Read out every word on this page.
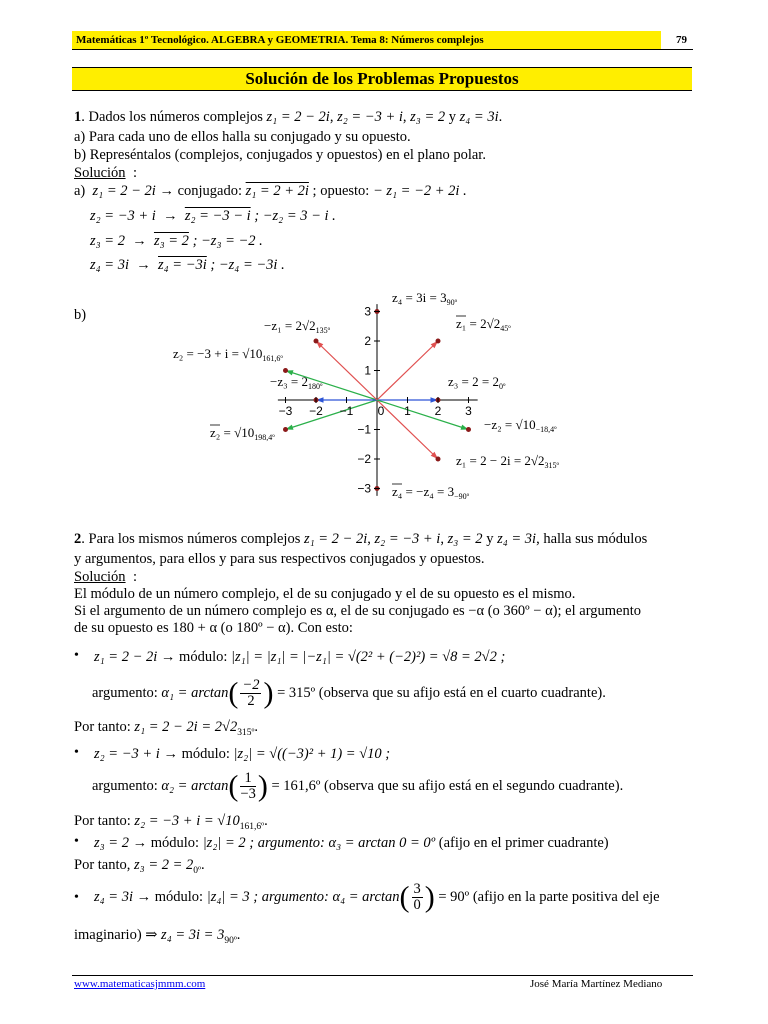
Matemáticas 1º Tecnológico. ALGEBRA y GEOMETRIA. Tema 8: Números complejos	79
Solución de los Problemas Propuestos
1. Dados los números complejos z₁ = 2 − 2i, z₂ = −3 + i, z₃ = 2 y z₄ = 3i.
a) Para cada uno de ellos halla su conjugado y su opuesto.
b) Represéntalos (complejos, conjugados y opuestos) en el plano polar.
Solución :
a) z₁ = 2 − 2i → conjugado: z₁ = 2 + 2i ; opuesto: − z₁ = −2 + 2i .
z₂ = −3 + i  →  z₂ = −3 − i ; −z₂ = 3 − i .
z₃ = 2  →  z₃ = 2 ; −z₃ = −2 .
z₄ = 3i  →  z₄ = −3i ; −z₄ = −3i .
b)
−3 −2 −1 0 1 2 3
3
2
1
−1
−2
−3
$z_4 = 3i = 3_{90º}$
$-z_1 = 2√2_{135º}$	$z_1 = 2√2_{45º}$
$z_2 = -3 + i = √10_{161,6º}$
$-z_3 = 2_{180º}$	$z_3 = 2 = 2_{0º}$
$-z_2 = √10_{-18,4º}$
$z_2 = √10_{198,4º}$
$z_1 = 2 - 2i = 2√2_{315º}$
$z_4 = -z_4 = 3_{-90º}$
2. Para los mismos números complejos z₁ = 2 − 2i, z₂ = −3 + i, z₃ = 2 y z₄ = 3i, halla sus módulos
y argumentos, para ellos y para sus respectivos conjugados y opuestos.
Solución :
El módulo de un número complejo, el de su conjugado y el de su opuesto es el mismo.
Si el argumento de un número complejo es α, el de su conjugado es −α (o 360º − α); el argumento
de su opuesto es 180 + α (o 180º − α). Con esto:
• z₁ = 2 − 2i → módulo: |z₁| = |z₁| = |−z₁| = √(2² + (−2)²) = √8 = 2√2 ;
argumento: $\alpha_1 = \arctan( \frac{-2}{2}$ ) = 315º (observa que su afijo está en el cuarto cuadrante).
Por tanto: $z_1 = 2 - 2i = 2√2_{315º}$.
• z₂ = −3 + i → módulo: |z₂| = √((−3)² + 1) = √10 ;
argumento: $\alpha_2 = \arctan( \frac{1}{-3}$ ) = 161,6º (observa que su afijo está en el segundo cuadrante).
Por tanto: $z_2 = -3 + i = √10_{161,6º}$.
• z₃ = 2 → módulo: |z₂| = 2 ; argumento: α₃ = arctan 0 = 0º (afijo en el primer cuadrante)
Por tanto, $z_3 = 2 = 2_{0º}$.
• z₄ = 3i → módulo: |z₄| = 3 ; argumento: $\alpha_4 = \arctan( \frac{3}{0}$ ) = 90º (afijo en la parte positiva del eje
imaginario) ⇒ $z_4 = 3i = 3_{90º}$.
www.matematicasjmmm.com	José María Martínez Mediano
